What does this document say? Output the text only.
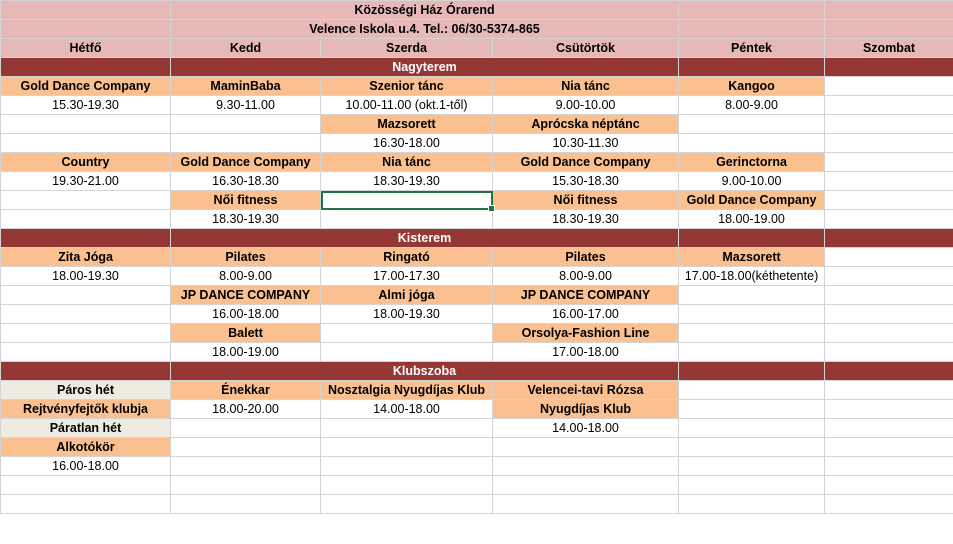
	Közösségi Ház Órarend				
	Velence Iskola u.4. Tel.: 06/30-5374-865				
Hétfő	Kedd	Szerda	Csütörtök	Péntek	Szombat
	Nagyterem				
Gold Dance Company	MaminBaba	Szenior tánc	Nia tánc	Kangoo	
15.30-19.30	9.30-11.00	10.00-11.00 (okt.1-től)	9.00-10.00	8.00-9.00	
		Mazsorett	Aprócska néptánc		
		16.30-18.00	10.30-11.30		
Country	Gold Dance Company	Nia tánc	Gold Dance Company	Gerinctorna	
19.30-21.00	16.30-18.30	18.30-19.30	15.30-18.30	9.00-10.00	
	Női fitness		Női fitness	Gold Dance Company	
	18.30-19.30		18.30-19.30	18.00-19.00	
	Kisterem				
Zita Jóga	Pilates	Ringató	Pilates	Mazsorett	
18.00-19.30	8.00-9.00	17.00-17.30	8.00-9.00	17.00-18.00(kéthetente)	
	JP DANCE COMPANY	Almi jóga	JP DANCE COMPANY		
	16.00-18.00	18.00-19.30	16.00-17.00		
	Balett		Orsolya-Fashion Line		
	18.00-19.00		17.00-18.00		
	Klubszoba				
Páros hét	Énekkar	Nosztalgia Nyugdíjas Klub	Velencei-tavi Rózsa		
Rejtvényfejtők klubja	18.00-20.00	14.00-18.00	Nyugdíjas Klub		
Páratlan hét			14.00-18.00		
Alkotókör					
16.00-18.00					
